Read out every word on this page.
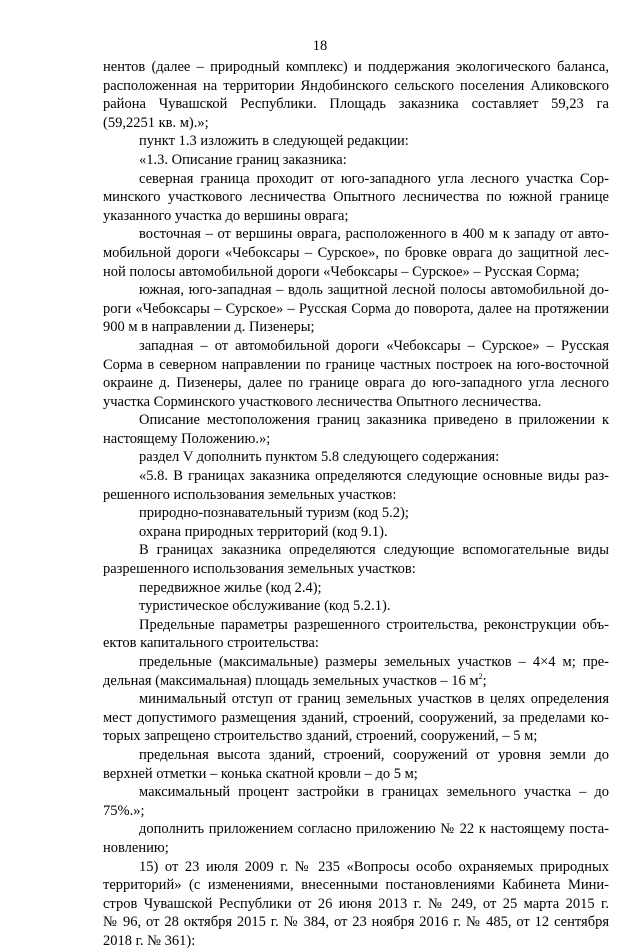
18

нентов (далее – природный комплекс) и поддержания экологического баланса,
расположенная на территории Яндобинского сельского поселения Аликовского
района Чувашской Республики. Площадь заказника составляет 59,23 га
(59,2251 кв. м).»;

пункт 1.3 изложить в следующей редакции:

«1.3. Описание границ заказника:

северная граница проходит от юго-западного угла лесного участка Сор-
минского участкового лесничества Опытного лесничества по южной границе
указанного участка до вершины оврага;

восточная – от вершины оврага, расположенного в 400 м к западу от авто-
мобильной дороги «Чебоксары – Сурское», по бровке оврага до защитной лес-
ной полосы автомобильной дороги «Чебоксары – Сурское» – Русская Сорма;

южная, юго-западная – вдоль защитной лесной полосы автомобильной до-
роги «Чебоксары – Сурское» – Русская Сорма до поворота, далее на протяжении
900 м в направлении д. Пизенеры;

западная – от автомобильной дороги «Чебоксары – Сурское» – Русская
Сорма в северном направлении по границе частных построек на юго-восточной
окраине д. Пизенеры, далее по границе оврага до юго-западного угла лесного
участка Сорминского участкового лесничества Опытного лесничества.

Описание местоположения границ заказника приведено в приложении к
настоящему Положению.»;

раздел V дополнить пунктом 5.8 следующего содержания:

«5.8. В границах заказника определяются следующие основные виды раз-
решенного использования земельных участков:

природно-познавательный туризм (код 5.2);

охрана природных территорий (код 9.1).

В границах заказника определяются следующие вспомогательные виды
разрешенного использования земельных участков:

передвижное жилье (код 2.4);

туристическое обслуживание (код 5.2.1).

Предельные параметры разрешенного строительства, реконструкции объ-
ектов капитального строительства:

предельные (максимальные) размеры земельных участков – 4×4 м; пре-
дельная (максимальная) площадь земельных участков – 16 $м^2$;

минимальный отступ от границ земельных участков в целях определения
мест допустимого размещения зданий, строений, сооружений, за пределами ко-
торых запрещено строительство зданий, строений, сооружений, – 5 м;

предельная высота зданий, строений, сооружений от уровня земли до
верхней отметки – конька скатной кровли – до 5 м;

максимальный процент застройки в границах земельного участка – до
75%.»;

дополнить приложением согласно приложению № 22 к настоящему поста-
новлению;

15) от 23 июля 2009 г. № 235 «Вопросы особо охраняемых природных
территорий» (с изменениями, внесенными постановлениями Кабинета Мини-
стров Чувашской Республики от 26 июня 2013 г. № 249, от 25 марта 2015 г.
№ 96, от 28 октября 2015 г. № 384, от 23 ноября 2016 г. № 485, от 12 сентября
2018 г. № 361):
